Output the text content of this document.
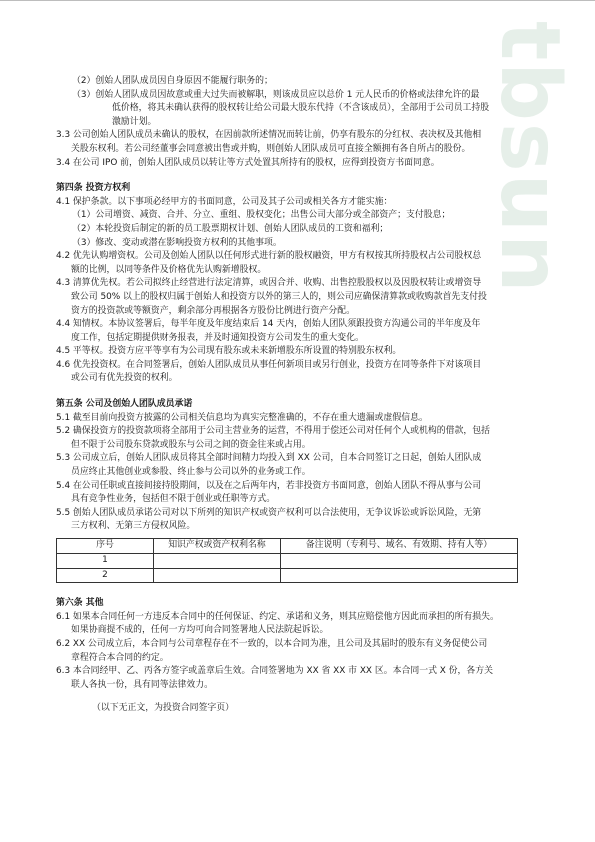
tbsun
（2）创始人团队成员因自身原因不能履行职务的；
（3）创始人团队成员因故意或重大过失而被解职，则该成员应以总价 1 元人民币的价格或法律允许的最
低价格，将其未确认获得的股权转让给公司最大股东代持（不含该成员），全部用于公司员工持股
激励计划。
3.3 公司创始人团队成员未确认的股权，在因前款所述情况而转让前，仍享有股东的分红权、表决权及其他相
关股东权利。若公司经董事会同意被出售或并购，则创始人团队成员可直接全额拥有各自所占的股份。
3.4 在公司 IPO 前，创始人团队成员以转让等方式处置其所持有的股权，应得到投资方书面同意。
第四条 投资方权利
4.1 保护条款。以下事项必经甲方的书面同意，公司及其子公司或相关各方才能实施：
（1）公司增资、减资、合并、分立、重组、股权变化；出售公司大部分或全部资产；支付股息；
（2）本轮投资后制定的新的员工股票期权计划、创始人团队成员的工资和福利；
（3）修改、变动或潜在影响投资方权利的其他事项。
4.2 优先认购增资权。公司及创始人团队以任何形式进行新的股权融资，甲方有权按其所持股权占公司股权总
额的比例，以同等条件及价格优先认购新增股权。
4.3 清算优先权。若公司拟终止经营进行法定清算，或因合并、收购、出售控股股权以及因股权转让或增资导
致公司 50% 以上的股权归属于创始人和投资方以外的第三人的，则公司应确保清算款或收购款首先支付投
资方的投资款或等额资产，剩余部分再根据各方股份比例进行资产分配。
4.4 知情权。本协议签署后，每半年度及年度结束后 14 天内，创始人团队须跟投资方沟通公司的半年度及年
度工作，包括定期提供财务报表，并及时通知投资方公司发生的重大变化。
4.5 平等权。投资方应平等享有为公司现有股东或未来新增股东所设置的特别股东权利。
4.6 优先投资权。在合同签署后，创始人团队成员从事任何新项目或另行创业，投资方在同等条件下对该项目
或公司有优先投资的权利。
第五条 公司及创始人团队成员承诺
5.1 截至目前向投资方披露的公司相关信息均为真实完整准确的，不存在重大遗漏或虚假信息。
5.2 确保投资方的投资款项将全部用于公司主营业务的运营，不得用于偿还公司对任何个人或机构的借款，包括
但不限于公司股东贷款或股东与公司之间的资金往来或占用。
5.3 公司成立后，创始人团队成员将其全部时间精力均投入到 XX 公司，自本合同签订之日起，创始人团队成
员应终止其他创业或参股、终止参与公司以外的业务或工作。
5.4 在公司任职或直接间接持股期间，以及在之后两年内，若非投资方书面同意，创始人团队不得从事与公司
具有竞争性业务，包括但不限于创业或任职等方式。
5.5 创始人团队成员承诺公司对以下所列的知识产权或资产权利可以合法使用，无争议诉讼或诉讼风险，无第
三方权利、无第三方侵权风险。
序号	知识产权或资产权利名称	备注说明（专利号、域名、有效期、持有人等）
1		
2		
第六条 其他
6.1 如果本合同任何一方违反本合同中的任何保证、约定、承诺和义务，则其应赔偿他方因此而承担的所有损失。
如果协商提不成的，任何一方均可向合同签署地人民法院起诉讼。
6.2 XX 公司成立后，本合同与公司章程存在不一致的，以本合同为准，且公司及其届时的股东有义务促使公司
章程符合本合同的约定。
6.3 本合同经甲、乙、丙各方签字或盖章后生效。合同签署地为 XX 省 XX 市 XX 区。本合同一式 X 份，各方关
联人各执一份，具有同等法律效力。
（以下无正文，为投资合同签字页）
